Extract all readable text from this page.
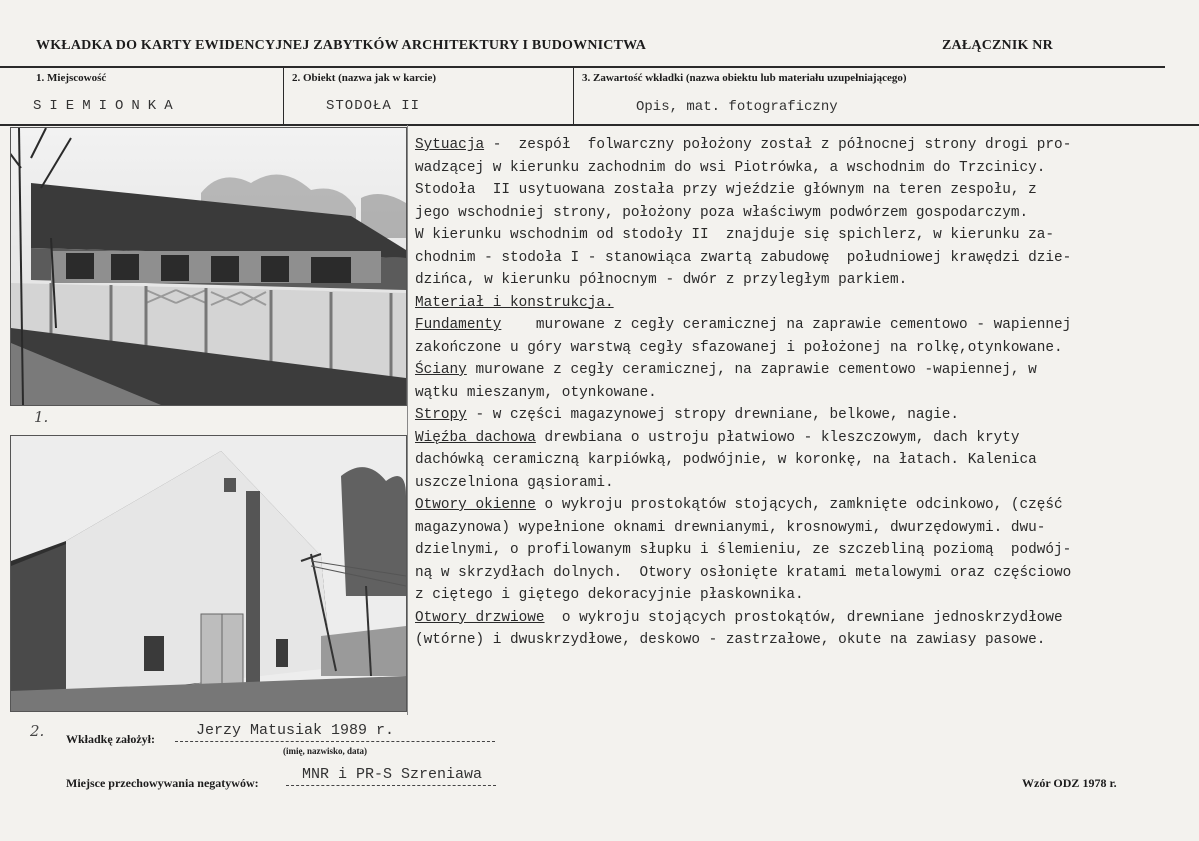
WKŁADKA DO KARTY EWIDENCYJNEJ ZABYTKÓW ARCHITEKTURY I BUDOWNICTWA	ZAŁĄCZNIK NR
1. Miejscowość
SIEMIONKA
2. Obiekt (nazwa jak w karcie)
STODOŁA II
3. Zawartość wkładki (nazwa obiektu lub materiału uzupełniającego)
Opis, mat. fotograficzny
1.
2.
Sytuacja -  zespół  folwarczny położony został z północnej strony drogi pro-
wadzącej w kierunku zachodnim do wsi Piotrówka, a wschodnim do Trzcinicy.
Stodoła  II usytuowana została przy wjeździe głównym na teren zespołu, z
jego wschodniej strony, położony poza właściwym podwórzem gospodarczym.
W kierunku wschodnim od stodoły II  znajduje się spichlerz, w kierunku za-
chodnim - stodoła I - stanowiąca zwartą zabudowę  południowej krawędzi dzie-
dzińca, w kierunku północnym - dwór z przyległym parkiem.
Materiał i konstrukcja.
Fundamenty    murowane z cegły ceramicznej na zaprawie cementowo - wapiennej
zakończone u góry warstwą cegły sfazowanej i położonej na rolkę,otynkowane.
Ściany murowane z cegły ceramicznej, na zaprawie cementowo -wapiennej, w
wątku mieszanym, otynkowane.
Stropy - w części magazynowej stropy drewniane, belkowe, nagie.
Więźba dachowa drewbiana o ustroju płatwiowo - kleszczowym, dach kryty
dachówką ceramiczną karpiówką, podwójnie, w koronkę, na łatach. Kalenica
uszczelniona gąsiorami.
Otwory okienne o wykroju prostokątów stojących, zamknięte odcinkowo, (część
magazynowa) wypełnione oknami drewnianymi, krosnowymi, dwurzędowymi. dwu-
dzielnymi, o profilowanym słupku i ślemieniu, ze szczebliną poziomą  podwój-
ną w skrzydłach dolnych.  Otwory osłonięte kratami metalowymi oraz częściowo
z ciętego i giętego dekoracyjnie płaskownika.
Otwory drzwiowe  o wykroju stojących prostokątów, drewniane jednoskrzydłowe
(wtórne) i dwuskrzydłowe, deskowo - zastrzałowe, okute na zawiasy pasowe.
Wkładkę założył:	Jerzy Matusiak 1989 r.
(imię, nazwisko, data)
Miejsce przechowywania negatywów:	MNR i PR-S Szreniawa	Wzór ODZ 1978 r.
